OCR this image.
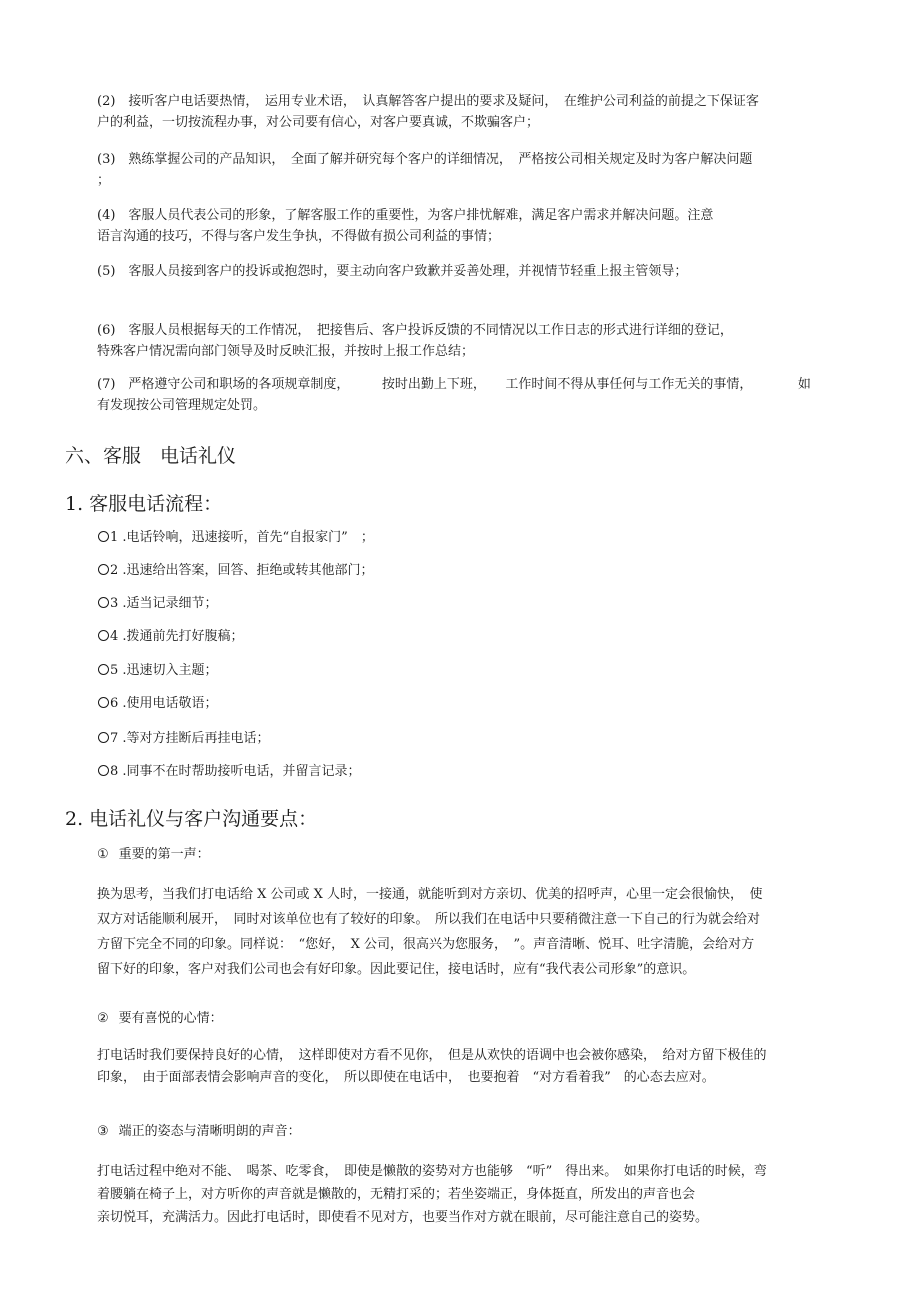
(2)　接听客户电话要热情，　运用专业术语，　认真解答客户提出的要求及疑问，　在维护公司利益的前提之下保证客
户的利益，一切按流程办事，对公司要有信心，对客户要真诚，不欺骗客户；
(3)　熟练掌握公司的产品知识，　全面了解并研究每个客户的详细情况，　严格按公司相关规定及时为客户解决问题
；
(4)　客服人员代表公司的形象，了解客服工作的重要性，为客户排忧解难，满足客户需求并解决问题。注意
语言沟通的技巧，不得与客户发生争执，不得做有损公司利益的事情；
(5)　客服人员接到客户的投诉或抱怨时，要主动向客户致歉并妥善处理，并视情节轻重上报主管领导；
(6)　客服人员根据每天的工作情况，　把接售后、客户投诉反馈的不同情况以工作日志的形式进行详细的登记，
特殊客户情况需向部门领导及时反映汇报，并按时上报工作总结；
(7)　严格遵守公司和职场的各项规章制度，　　　按时出勤上下班，　　工作时间不得从事任何与工作无关的事情，　　　　如
有发现按公司管理规定处罚。
六、客服　电话礼仪
1. 客服电话流程：
1 .电话铃响，迅速接听，首先“自报家门”　；
2 .迅速给出答案，回答、拒绝或转其他部门；
3 .适当记录细节；
4 .拨通前先打好腹稿；
5 .迅速切入主题；
6 .使用电话敬语；
7 .等对方挂断后再挂电话；
8 .同事不在时帮助接听电话，并留言记录；
2. 电话礼仪与客户沟通要点：
① 重要的第一声：
换为思考，当我们打电话给 X 公司或 X 人时，一接通，就能听到对方亲切、优美的招呼声，心里一定会很愉快，　使
双方对话能顺利展开，　同时对该单位也有了较好的印象。　所以我们在电话中只要稍微注意一下自己的行为就会给对
方留下完全不同的印象。同样说：　“您好，　X 公司，很高兴为您服务，　”。声音清晰、悦耳、吐字清脆，会给对方
留下好的印象，客户对我们公司也会有好印象。因此要记住，接电话时，应有“我代表公司形象”的意识。
② 要有喜悦的心情：
打电话时我们要保持良好的心情，　这样即使对方看不见你，　但是从欢快的语调中也会被你感染，　给对方留下极佳的
印象，　由于面部表情会影响声音的变化，　所以即使在电话中，　也要抱着　“对方看着我”　的心态去应对。
③ 端正的姿态与清晰明朗的声音：
打电话过程中绝对不能、　喝茶、吃零食，　即使是懒散的姿势对方也能够　“听”　得出来。　如果你打电话的时候，弯
着腰躺在椅子上，对方听你的声音就是懒散的，无精打采的；若坐姿端正，身体挺直，所发出的声音也会
亲切悦耳，充满活力。因此打电话时，即使看不见对方，也要当作对方就在眼前，尽可能注意自己的姿势。
